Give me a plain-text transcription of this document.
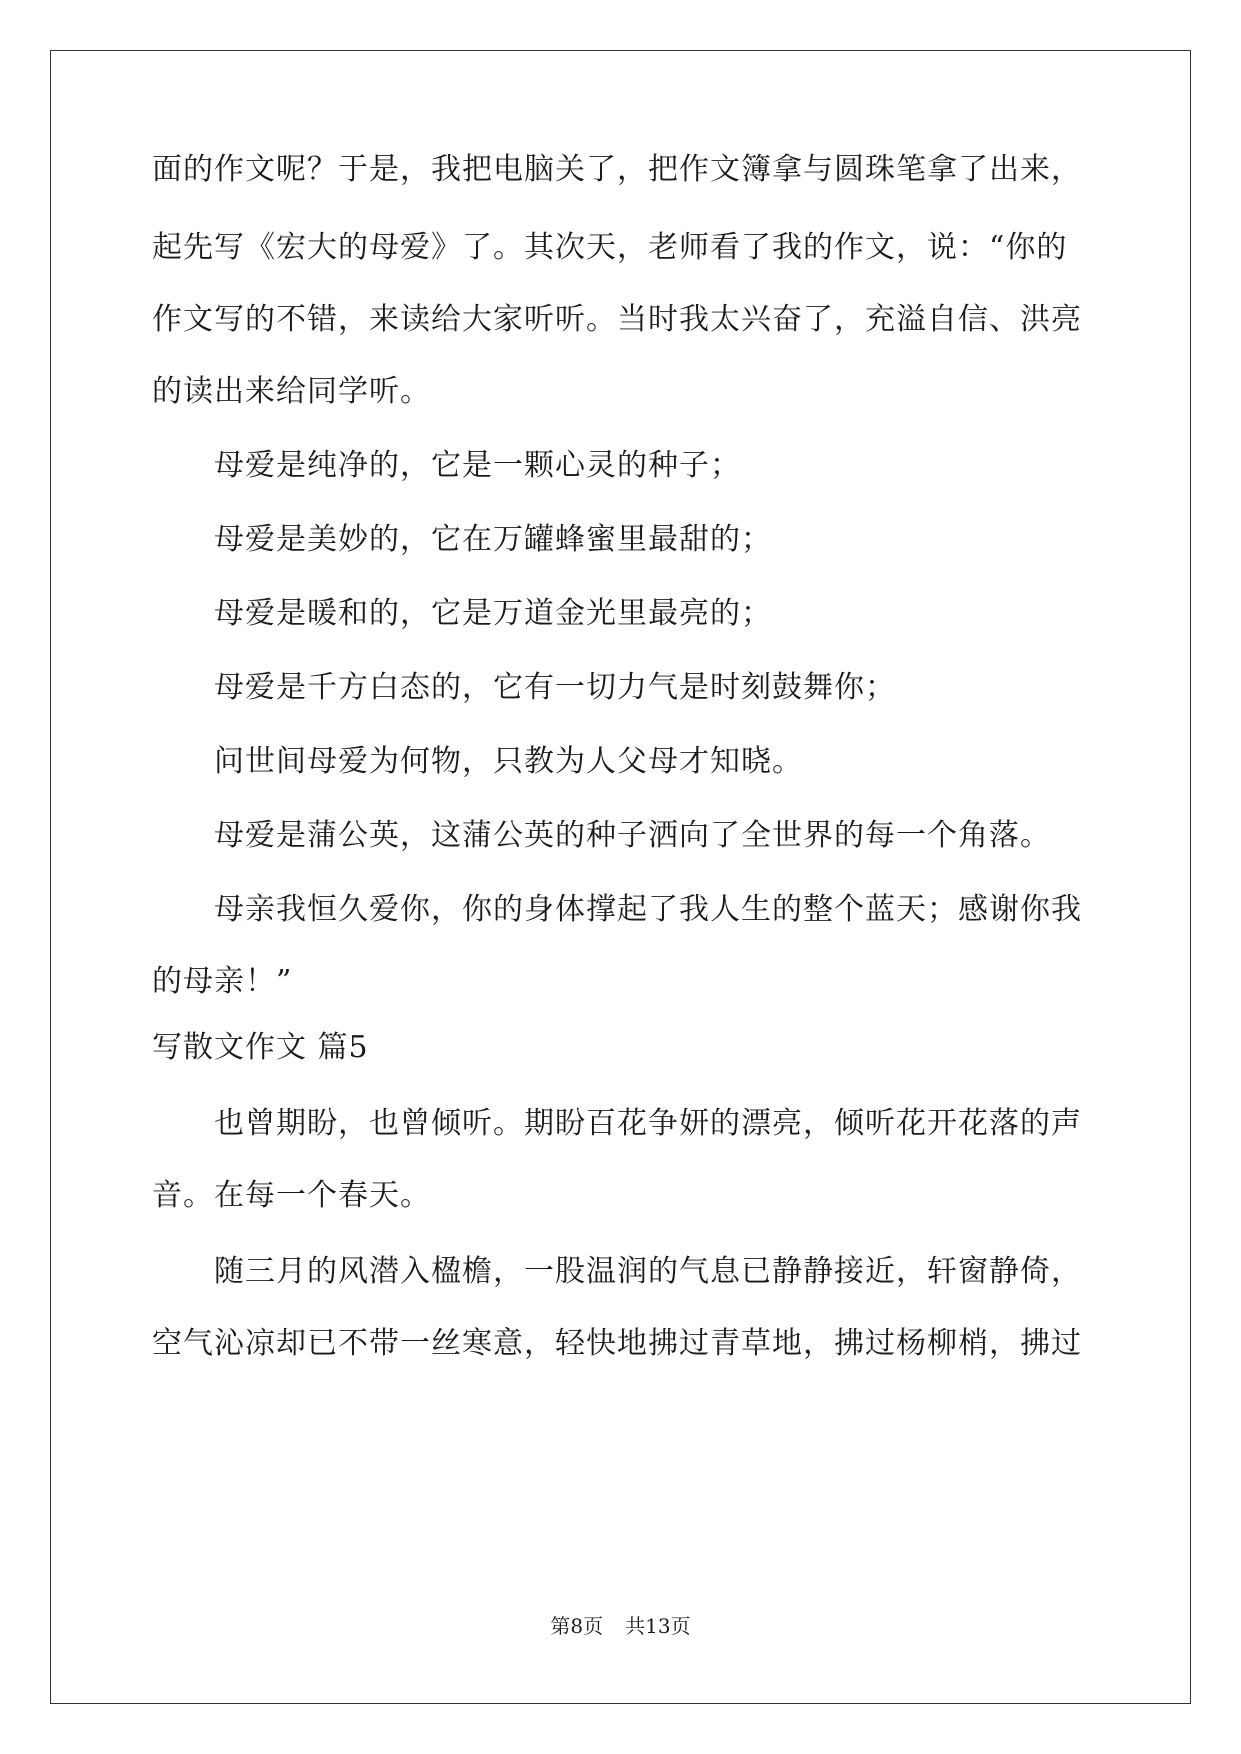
面的作文呢？于是，我把电脑关了，把作文簿拿与圆珠笔拿了出来，
起先写《宏大的母爱》了。其次天，老师看了我的作文，说：“你的
作文写的不错，来读给大家听听。当时我太兴奋了，充溢自信、洪亮
的读出来给同学听。
母爱是纯净的，它是一颗心灵的种子；
母爱是美妙的，它在万罐蜂蜜里最甜的；
母爱是暖和的，它是万道金光里最亮的；
母爱是千方白态的，它有一切力气是时刻鼓舞你；
问世间母爱为何物，只教为人父母才知晓。
母爱是蒲公英，这蒲公英的种子洒向了全世界的每一个角落。
母亲我恒久爱你，你的身体撑起了我人生的整个蓝天；感谢你我
的母亲！”
写散文作文 篇5
也曾期盼，也曾倾听。期盼百花争妍的漂亮，倾听花开花落的声
音。在每一个春天。
随三月的风潜入楹檐，一股温润的气息已静静接近，轩窗静倚，
空气沁凉却已不带一丝寒意，轻快地拂过青草地，拂过杨柳梢，拂过
第8页 共13页
